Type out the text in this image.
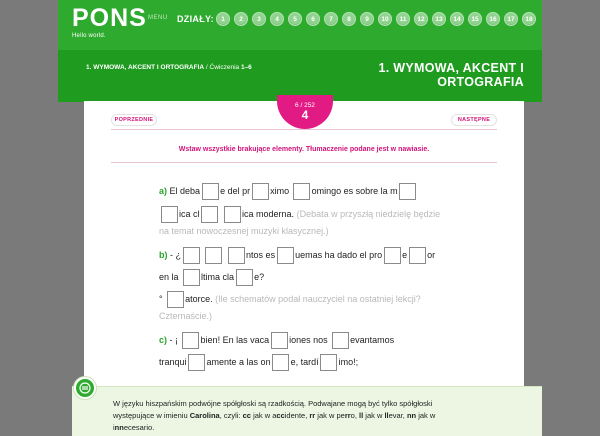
PONS
Hello world.
MENU DZIAŁY:	1	2	3	4	5	6	7	8	9	10	11	12	13	14	15	16	17	18
1. WYMOWA, AKCENT I ORTOGRAFIA / Ćwiczenia 1–6	1. WYMOWA, AKCENT I ORTOGRAFIA
POPRZEDNIE	NASTĘPNE
6 / 252
4
Wstaw wszystkie brakujące elementy. Tłumaczenie podane jest w nawiasie.
a)
El deba e del pr ximo
	omingo es sobre la m
ica cl
	ica moderna.
(Debata w przyszłą niedzielę będzie
na temat nowoczesnej muzyki klasycznej.)
b)
- ¿

	ntos es uemas ha dado el pro e or
en la
	ltima cla e?
°
	atorce.
(Ile schematów podał nauczyciel na ostatniej lekcji?
Czternaście.)
c)
- ¡
	bien! En las vaca iones nos
	evantamos
tranqui amente a las on e, tardí imo!;
W języku hiszpańskim podwójne spółgłoski są rzadkością. Podwajane mogą być tylko spółgłoski
występujące w imieniu Carolina, czyli: cc jak w accidente, rr jak w perro, ll jak w llevar, nn jak w
innecesario.
